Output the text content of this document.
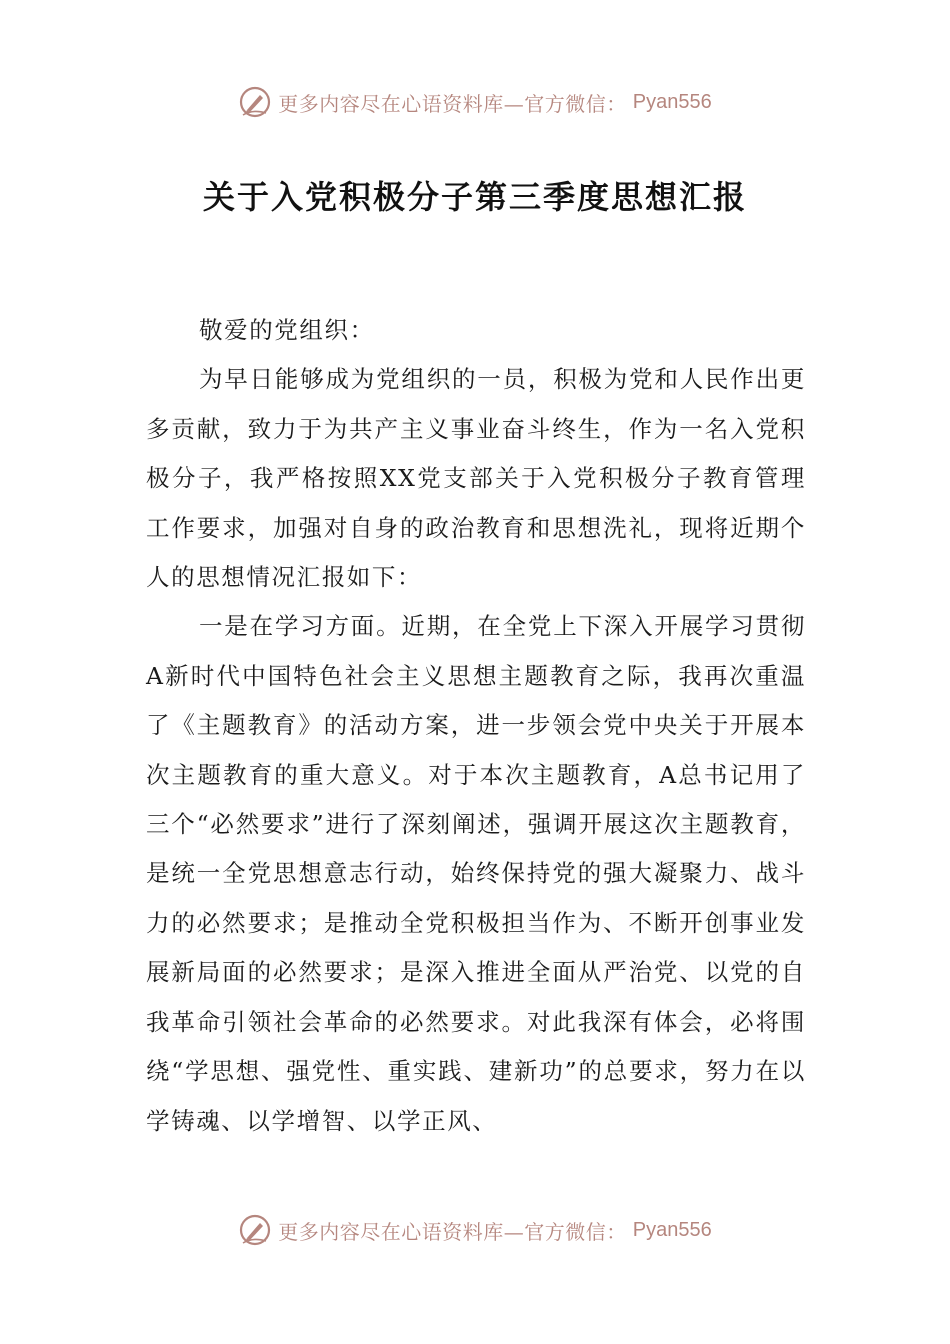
更多内容尽在心语资料库—官方微信： Pyan556
关于入党积极分子第三季度思想汇报

敬爱的党组织：

为早日能够成为党组织的一员，积极为党和人民作出更多贡献，致力于为共产主义事业奋斗终生，作为一名入党积极分子，我严格按照XX党支部关于入党积极分子教育管理工作要求，加强对自身的政治教育和思想洗礼，现将近期个人的思想情况汇报如下：

一是在学习方面。近期，在全党上下深入开展学习贯彻A新时代中国特色社会主义思想主题教育之际，我再次重温了《主题教育》的活动方案，进一步领会党中央关于开展本次主题教育的重大意义。对于本次主题教育，A总书记用了三个“必然要求”进行了深刻阐述，强调开展这次主题教育，是统一全党思想意志行动，始终保持党的强大凝聚力、战斗力的必然要求；是推动全党积极担当作为、不断开创事业发展新局面的必然要求；是深入推进全面从严治党、以党的自我革命引领社会革命的必然要求。对此我深有体会，必将围绕“学思想、强党性、重实践、建新功”的总要求，努力在以学铸魂、以学增智、以学正风、

更多内容尽在心语资料库—官方微信： Pyan556
